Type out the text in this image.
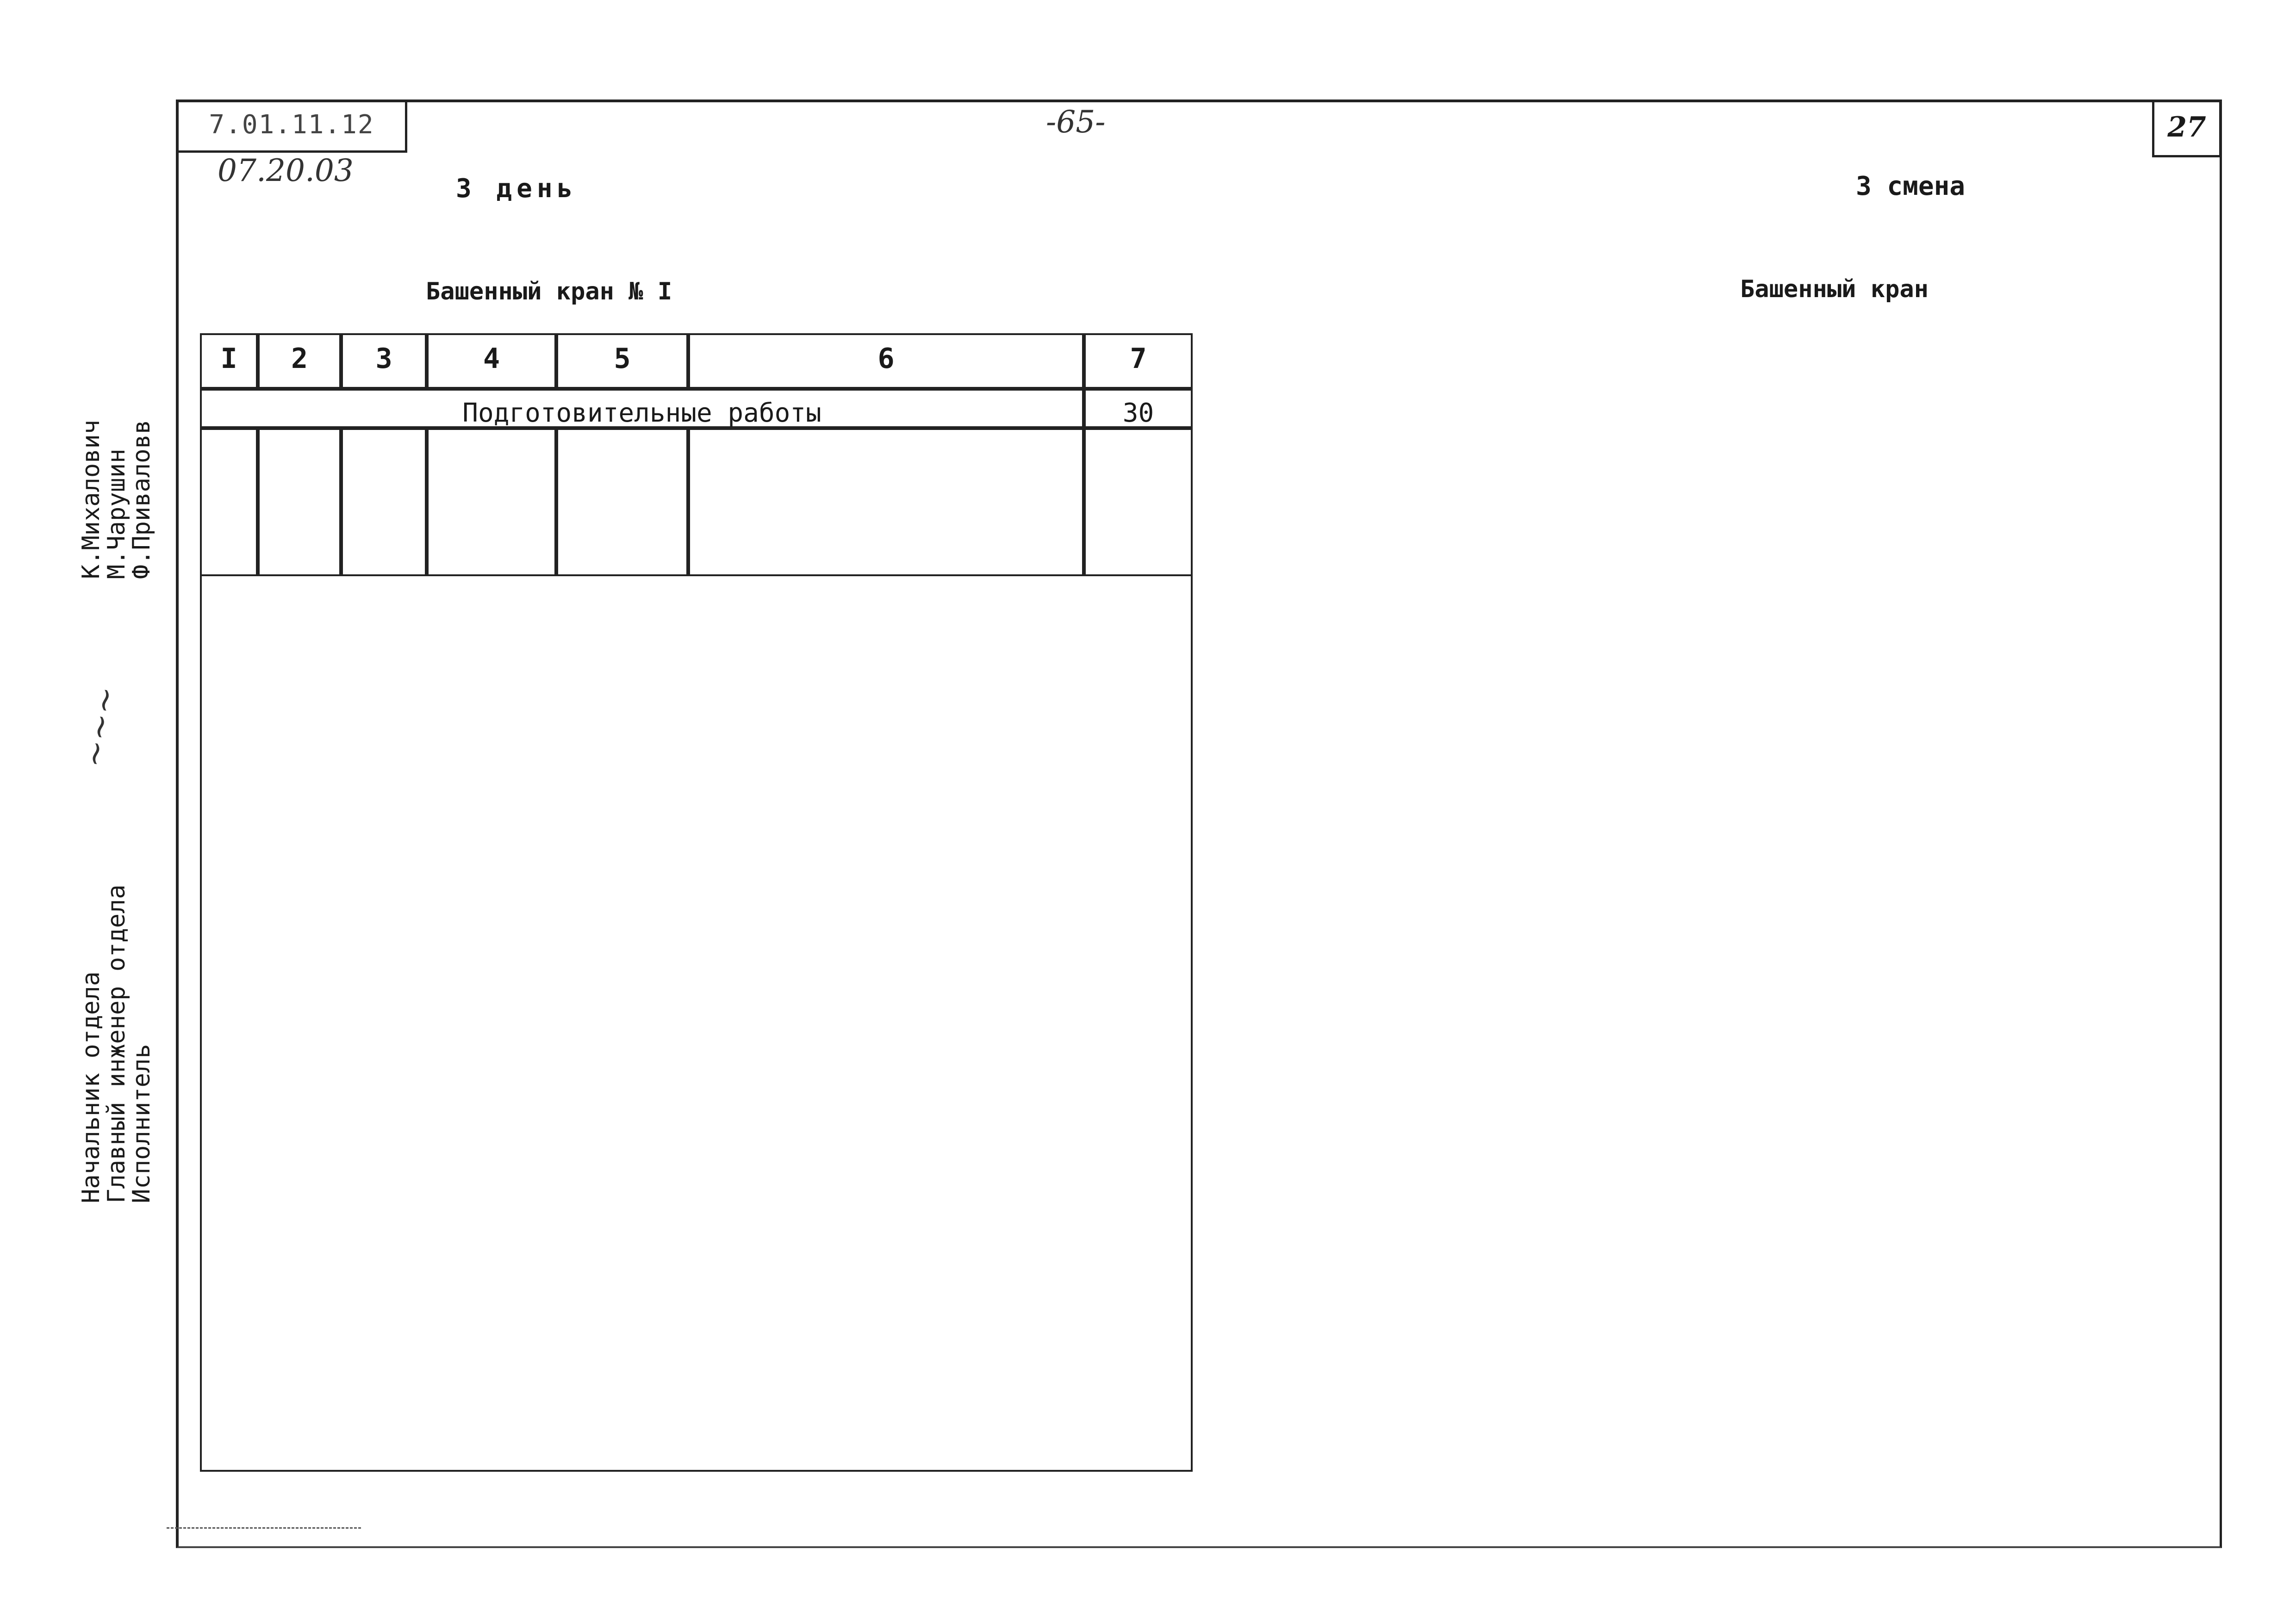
7.01.11.12
07.20.03
-65-	27
3 день	3 смена
Башенный кран № I	Башенный кран
I	2	3	4	5	6	7
Подготовительные работы	30
Начальник отдела
Главный инженер отдела
Исполнитель
К.Михалович
М.Чарушин
Ф.Приваловв
~~~
